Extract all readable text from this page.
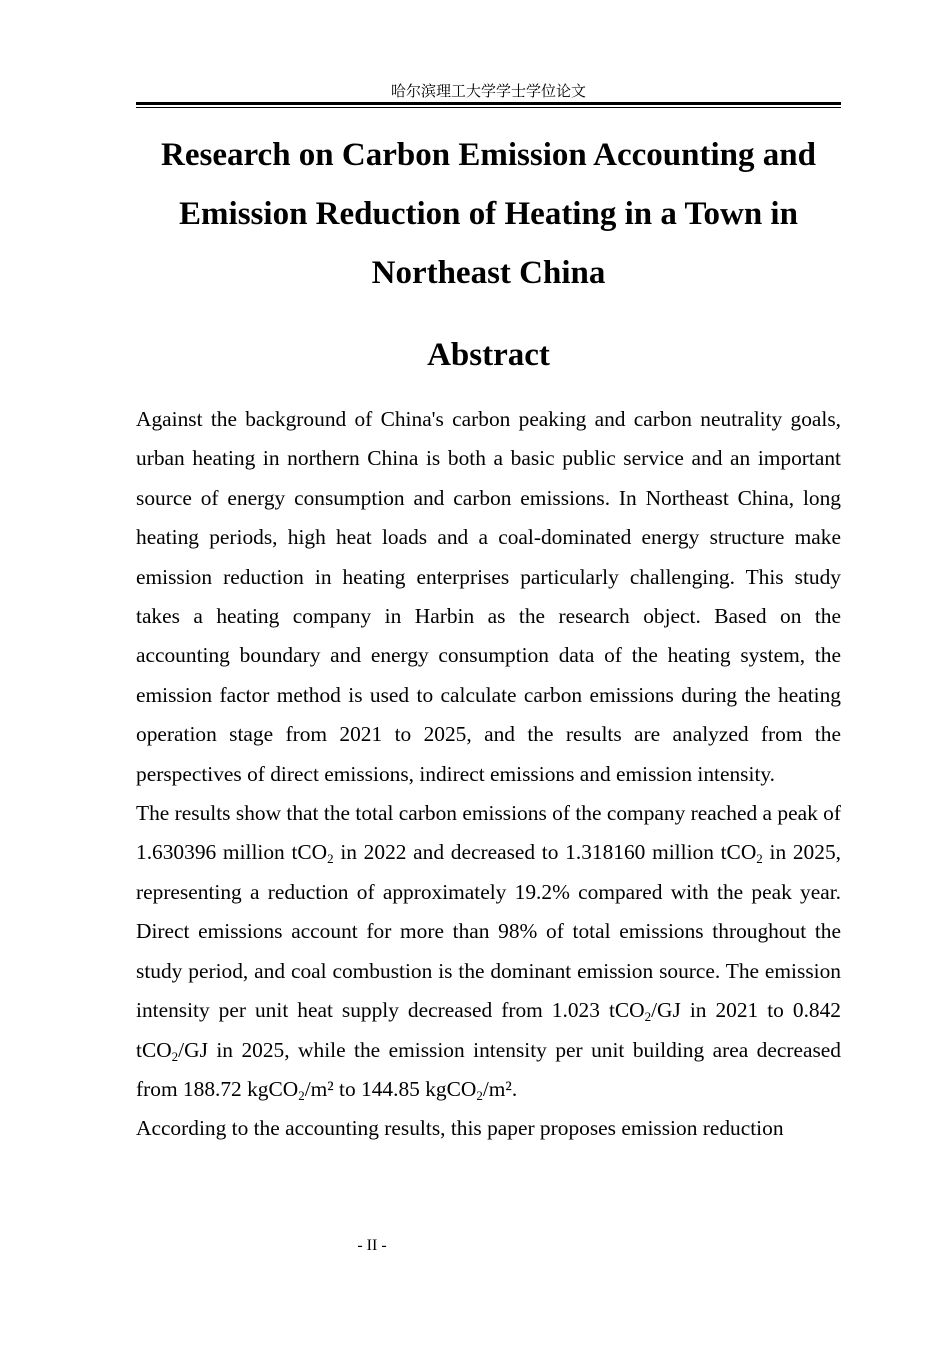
哈尔滨理工大学学士学位论文
Research on Carbon Emission Accounting and
Emission Reduction of Heating in a Town in
Northeast China
Abstract

Against the background of China's carbon peaking and carbon neutrality goals, urban heating in northern China is both a basic public service and an important source of energy consumption and carbon emissions. In Northeast China, long heating periods, high heat loads and a coal-dominated energy structure make emission reduction in heating enterprises particularly challenging. This study takes a heating company in Harbin as the research object. Based on the accounting boundary and energy consumption data of the heating system, the emission factor method is used to calculate carbon emissions during the heating operation stage from 2021 to 2025, and the results are analyzed from the perspectives of direct emissions, indirect emissions and emission intensity.

The results show that the total carbon emissions of the company reached a peak of 1.630396 million tCO$_2$ in 2022 and decreased to 1.318160 million tCO$_2$ in 2025, representing a reduction of approximately 19.2% compared with the peak year. Direct emissions account for more than 98% of total emissions throughout the study period, and coal combustion is the dominant emission source. The emission intensity per unit heat supply decreased from 1.023 tCO$_2$/GJ in 2021 to 0.842 tCO$_2$/GJ in 2025, while the emission intensity per unit building area decreased from 188.72 kgCO$_2$/m² to 144.85 kgCO$_2$/m².

According to the accounting results, this paper proposes emission reduction

- II -
